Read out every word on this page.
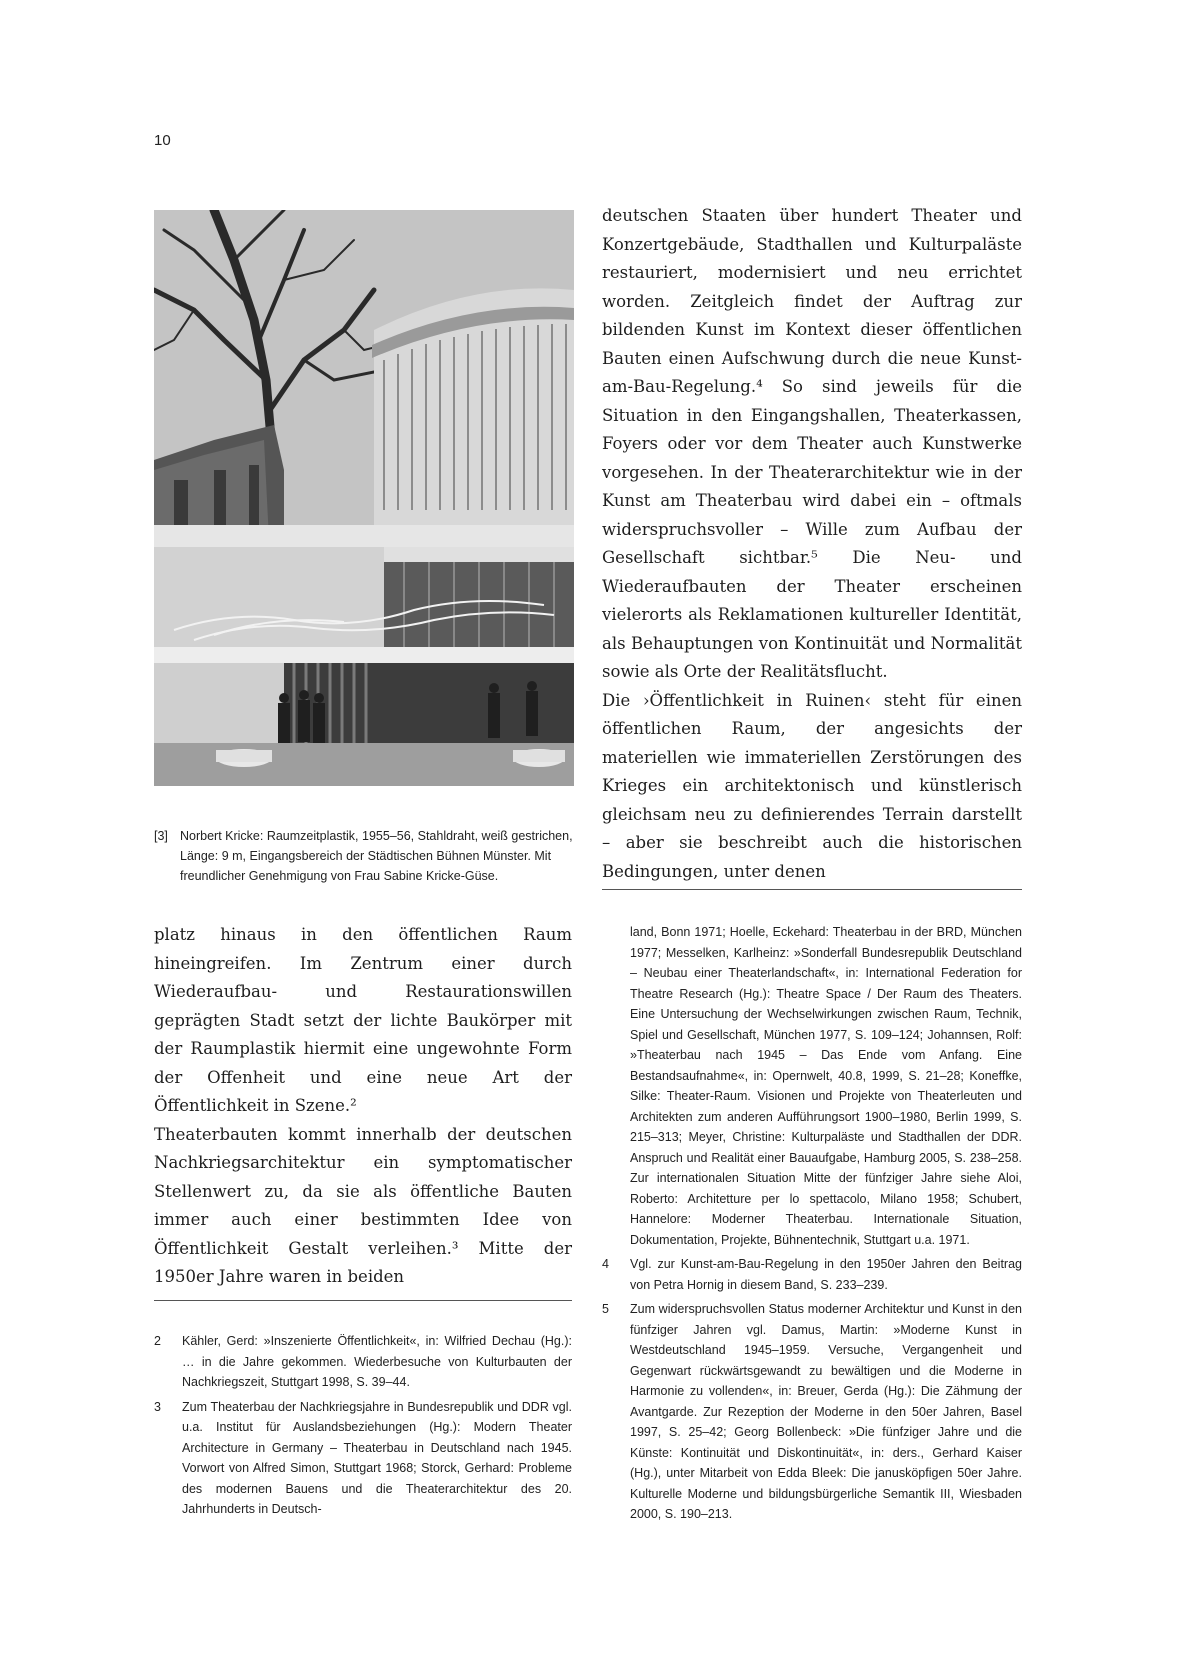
10
[3] Norbert Kricke: Raumzeitplastik, 1955–56, Stahldraht, weiß gestrichen, Länge: 9 m, Eingangsbereich der Städtischen Bühnen Münster. Mit freundlicher Genehmigung von Frau Sabine Kricke-Güse.

deutschen Staaten über hundert Theater und Konzertgebäude, Stadthallen und Kulturpaläste restauriert, modernisiert und neu errichtet worden. Zeitgleich findet der Auftrag zur bildenden Kunst im Kontext dieser öffentlichen Bauten einen Aufschwung durch die neue Kunst-am-Bau-Regelung.⁴ So sind jeweils für die Situation in den Eingangshallen, Theaterkassen, Foyers oder vor dem Theater auch Kunstwerke vorgesehen. In der Theaterarchitektur wie in der Kunst am Theaterbau wird dabei ein – oftmals widerspruchsvoller – Wille zum Aufbau der Gesellschaft sichtbar.⁵ Die Neu- und Wiederaufbauten der Theater erscheinen vielerorts als Reklamationen kultureller Identität, als Behauptungen von Kontinuität und Normalität sowie als Orte der Realitätsflucht.

Die ›Öffentlichkeit in Ruinen‹ steht für einen öffentlichen Raum, der angesichts der materiellen wie immateriellen Zerstörungen des Krieges ein architektonisch und künstlerisch gleichsam neu zu definierendes Terrain darstellt – aber sie beschreibt auch die historischen Bedingungen, unter denen

platz hinaus in den öffentlichen Raum hineingreifen. Im Zentrum einer durch Wiederaufbau- und Restaurationswillen geprägten Stadt setzt der lichte Baukörper mit der Raumplastik hiermit eine ungewohnte Form der Offenheit und eine neue Art der Öffentlichkeit in Szene.²

Theaterbauten kommt innerhalb der deutschen Nachkriegsarchitektur ein symptomatischer Stellenwert zu, da sie als öffentliche Bauten immer auch einer bestimmten Idee von Öffentlichkeit Gestalt verleihen.³ Mitte der 1950er Jahre waren in beiden

2 Kähler, Gerd: »Inszenierte Öffentlichkeit«, in: Wilfried Dechau (Hg.): … in die Jahre gekommen. Wiederbesuche von Kulturbauten der Nachkriegszeit, Stuttgart 1998, S. 39–44.
3 Zum Theaterbau der Nachkriegsjahre in Bundesrepublik und DDR vgl. u.a. Institut für Auslandsbeziehungen (Hg.): Modern Theater Architecture in Germany – Theaterbau in Deutschland nach 1945. Vorwort von Alfred Simon, Stuttgart 1968; Storck, Gerhard: Probleme des modernen Bauens und die Theaterarchitektur des 20. Jahrhunderts in Deutsch-
land, Bonn 1971; Hoelle, Eckehard: Theaterbau in der BRD, München 1977; Messelken, Karlheinz: »Sonderfall Bundesrepublik Deutschland – Neubau einer Theaterlandschaft«, in: International Federation for Theatre Research (Hg.): Theatre Space / Der Raum des Theaters. Eine Untersuchung der Wechselwirkungen zwischen Raum, Technik, Spiel und Gesellschaft, München 1977, S. 109–124; Johannsen, Rolf: »Theaterbau nach 1945 – Das Ende vom Anfang. Eine Bestandsaufnahme«, in: Opernwelt, 40.8, 1999, S. 21–28; Koneffke, Silke: Theater-Raum. Visionen und Projekte von Theaterleuten und Architekten zum anderen Aufführungsort 1900–1980, Berlin 1999, S. 215–313; Meyer, Christine: Kulturpaläste und Stadthallen der DDR. Anspruch und Realität einer Bauaufgabe, Hamburg 2005, S. 238–258. Zur internationalen Situation Mitte der fünfziger Jahre siehe Aloi, Roberto: Architetture per lo spettacolo, Milano 1958; Schubert, Hannelore: Moderner Theaterbau. Internationale Situation, Dokumentation, Projekte, Bühnentechnik, Stuttgart u.a. 1971.
4 Vgl. zur Kunst-am-Bau-Regelung in den 1950er Jahren den Beitrag von Petra Hornig in diesem Band, S. 233–239.
5 Zum widerspruchsvollen Status moderner Architektur und Kunst in den fünfziger Jahren vgl. Damus, Martin: »Moderne Kunst in Westdeutschland 1945–1959. Versuche, Vergangenheit und Gegenwart rückwärtsgewandt zu bewältigen und die Moderne in Harmonie zu vollenden«, in: Breuer, Gerda (Hg.): Die Zähmung der Avantgarde. Zur Rezeption der Moderne in den 50er Jahren, Basel 1997, S. 25–42; Georg Bollenbeck: »Die fünfziger Jahre und die Künste: Kontinuität und Diskontinuität«, in: ders., Gerhard Kaiser (Hg.), unter Mitarbeit von Edda Bleek: Die janusköpfigen 50er Jahre. Kulturelle Moderne und bildungsbürgerliche Semantik III, Wiesbaden 2000, S. 190–213.
